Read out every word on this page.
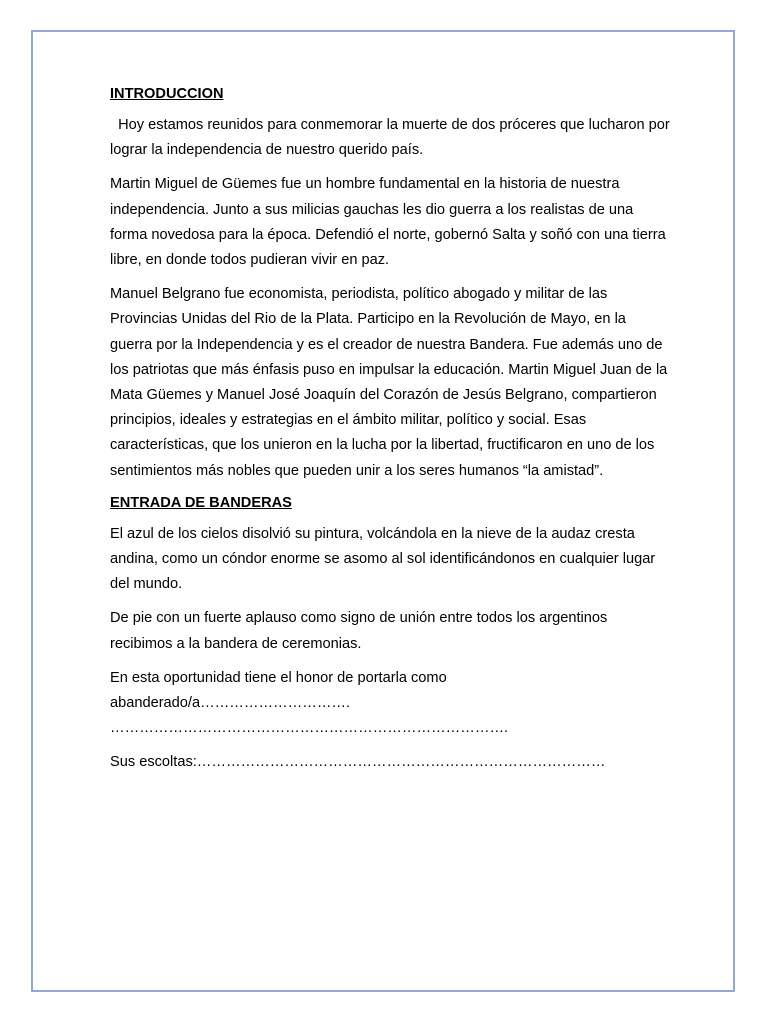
INTRODUCCION
Hoy estamos reunidos para conmemorar la muerte de dos próceres que lucharon por lograr la independencia de nuestro querido país.
Martin Miguel de Güemes fue un hombre fundamental en la historia de nuestra independencia. Junto a sus milicias gauchas les dio guerra a los realistas de una forma novedosa para la época. Defendió el norte, gobernó Salta y soñó con una tierra libre, en donde todos pudieran vivir en paz.
Manuel Belgrano fue economista, periodista, político abogado y militar de las Provincias Unidas del Rio de la Plata. Participo en la Revolución de Mayo, en la guerra por la Independencia y es el creador de nuestra Bandera. Fue además uno de los patriotas que más énfasis puso en impulsar la educación. Martin Miguel Juan de la Mata Güemes y Manuel José Joaquín del Corazón de Jesús Belgrano, compartieron principios, ideales y estrategias en el ámbito militar, político y social. Esas características, que los unieron en la lucha por la libertad, fructificaron en uno de los sentimientos más nobles que pueden unir a los seres humanos “la amistad”.
ENTRADA DE BANDERAS
El azul de los cielos disolvió su pintura, volcándola en la nieve de la audaz cresta andina, como un cóndor enorme se asomo al sol identificándonos en cualquier lugar del mundo.
De pie con un fuerte aplauso como signo de unión entre todos los argentinos recibimos a la bandera de ceremonias.
En esta oportunidad tiene el honor de portarla como
abanderado/a………………………….
……………………………………………………………………….
Sus escoltas:…………………………………………………………………………
